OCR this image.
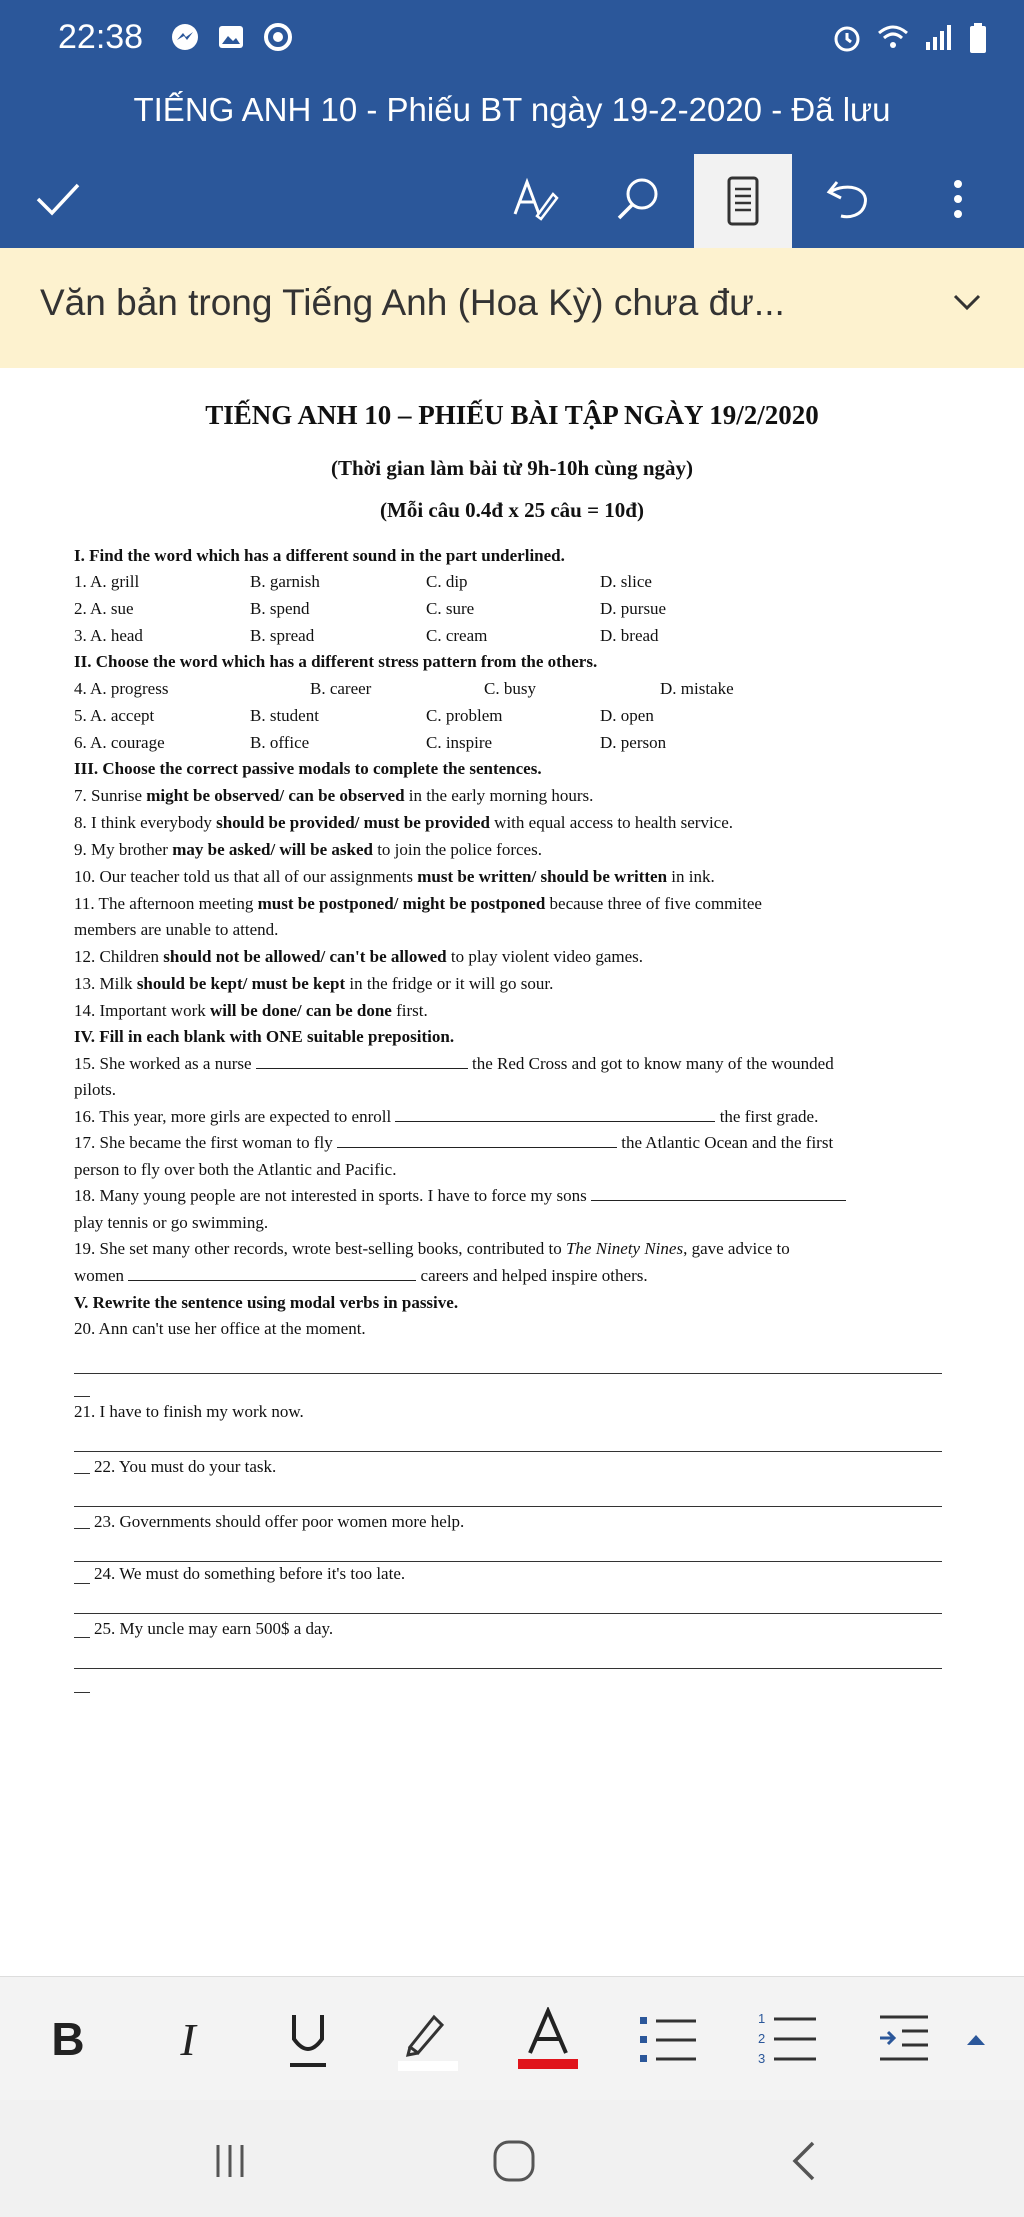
22:38
TIẾNG ANH 10 - Phiếu BT ngày 19-2-2020 - Đã lưu
Văn bản trong Tiếng Anh (Hoa Kỳ) chưa đư...
TIẾNG ANH 10 – PHIẾU BÀI TẬP NGÀY 19/2/2020
(Thời gian làm bài từ 9h-10h cùng ngày)
(Mỗi câu 0.4đ x 25 câu = 10đ)
I. Find the word which has a different sound in the part underlined.
1. A. grill	B. garnish	C. dip	D. slice
2. A. sue	B. spend	C. sure	D. pursue
3. A. head	B. spread	C. cream	D. bread
II. Choose the word which has a different stress pattern from the others.
4. A. progress	B. career	C. busy	D. mistake
5. A. accept	B. student	C. problem	D. open
6. A. courage	B. office	C. inspire	D. person
III. Choose the correct passive modals to complete the sentences.
7. Sunrise might be observed/ can be observed in the early morning hours.
8. I think everybody should be provided/ must be provided with equal access to health service.
9. My brother may be asked/ will be asked to join the police forces.
10. Our teacher told us that all of our assignments must be written/ should be written in ink.
11. The afternoon meeting must be postponed/ might be postponed because three of five commitee
members are unable to attend.
12. Children should not be allowed/ can't be allowed to play violent video games.
13. Milk should be kept/ must be kept in the fridge or it will go sour.
14. Important work will be done/ can be done first.
IV. Fill in each blank with ONE suitable preposition.
15. She worked as a nurse	the Red Cross and got to know many of the wounded
pilots.
16. This year, more girls are expected to enroll	the first grade.
17. She became the first woman to fly	the Atlantic Ocean and the first
person to fly over both the Atlantic and Pacific.
18. Many young people are not interested in sports. I have to force my sons
play tennis or go swimming.
19. She set many other records, wrote best-selling books, contributed to The Ninety Nines, gave advice to
women	careers and helped inspire others.
V. Rewrite the sentence using modal verbs in passive.
20. Ann can't use her office at the moment.
21. I have to finish my work now.
22. You must do your task.
23. Governments should offer poor women more help.
24. We must do something before it's too late.
25. My uncle may earn 500$ a day.
B	I	1
2
3
